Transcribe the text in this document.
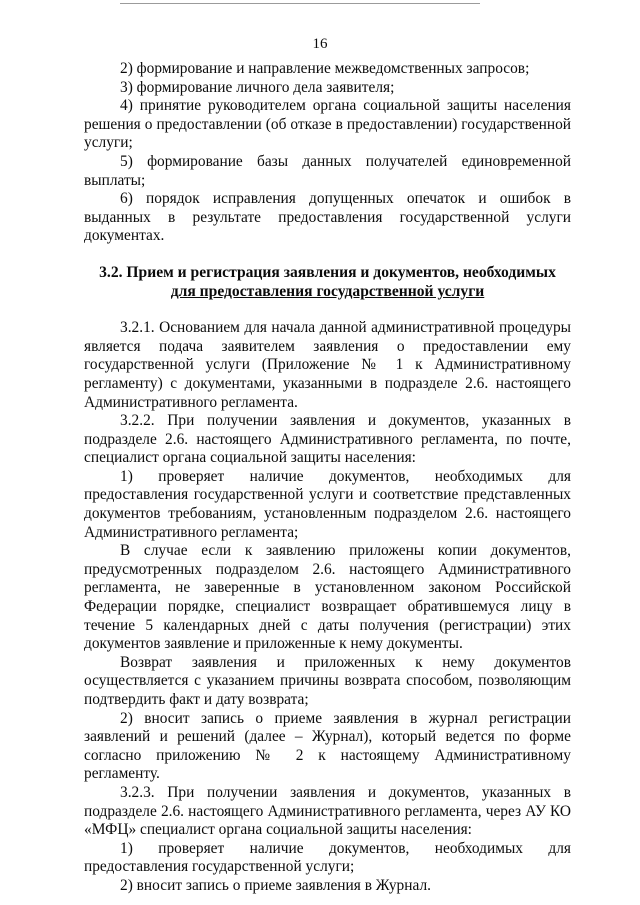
16

2) формирование и направление межведомственных запросов;

3) формирование личного дела заявителя;

4) принятие руководителем органа социальной защиты населения решения о предоставлении (об отказе в предоставлении) государственной услуги;

5) формирование базы данных получателей единовременной выплаты;

6) порядок исправления допущенных опечаток и ошибок в выданных в результате предоставления государственной услуги документах.

3.2. Прием и регистрация заявления и документов, необходимых

для предоставления государственной услуги

3.2.1. Основанием для начала данной административной процедуры является подача заявителем заявления о предоставлении ему государственной услуги (Приложение № 1 к Административному регламенту) с документами, указанными в подразделе 2.6. настоящего Административного регламента.

3.2.2. При получении заявления и документов, указанных в подразделе 2.6. настоящего Административного регламента, по почте, специалист органа социальной защиты населения:

1) проверяет наличие документов, необходимых для предоставления государственной услуги и соответствие представленных документов требованиям, установленным подразделом 2.6. настоящего Административного регламента;

В случае если к заявлению приложены копии документов, предусмотренных подразделом 2.6. настоящего Административного регламента, не заверенные в установленном законом Российской Федерации порядке, специалист возвращает обратившемуся лицу в течение 5 календарных дней с даты получения (регистрации) этих документов заявление и приложенные к нему документы.

Возврат заявления и приложенных к нему документов осуществляется с указанием причины возврата способом, позволяющим подтвердить факт и дату возврата;

2) вносит запись о приеме заявления в журнал регистрации заявлений и решений (далее – Журнал), который ведется по форме согласно приложению № 2 к настоящему Административному регламенту.

3.2.3. При получении заявления и документов, указанных в подразделе 2.6. настоящего Административного регламента, через АУ КО «МФЦ» специалист органа социальной защиты населения:

1) проверяет наличие документов, необходимых для предоставления государственной услуги;

2) вносит запись о приеме заявления в Журнал.
